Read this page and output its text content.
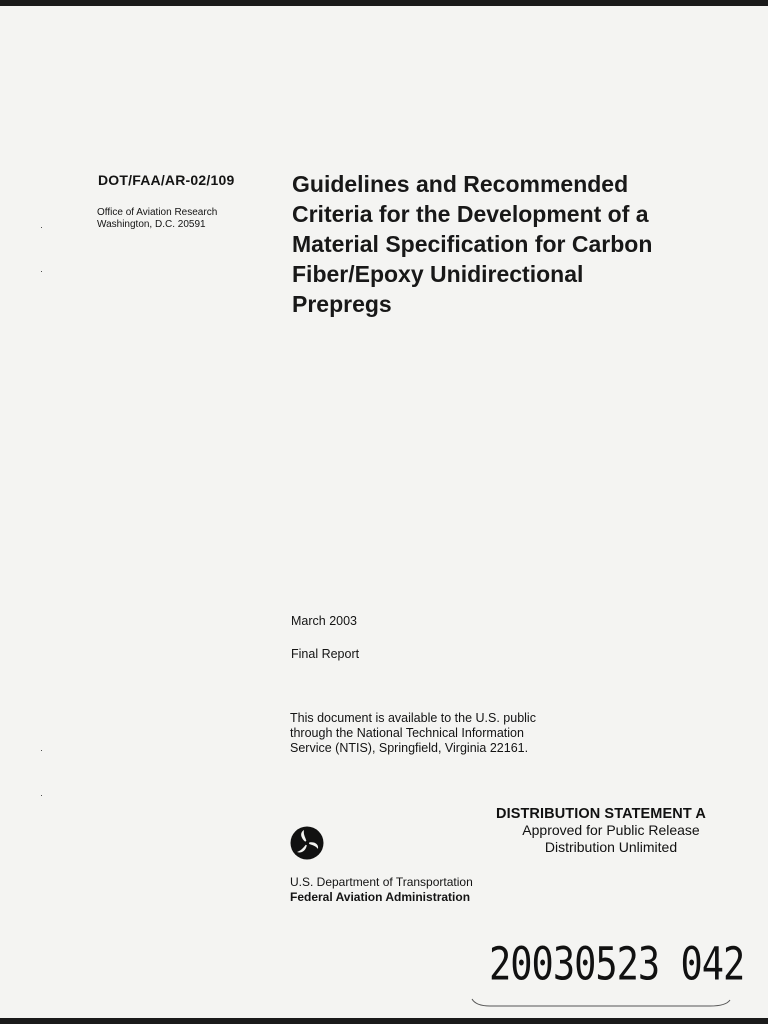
DOT/FAA/AR-02/109
Office of Aviation Research
Washington, D.C. 20591
Guidelines and Recommended
Criteria for the Development of a
Material Specification for Carbon
Fiber/Epoxy Unidirectional
Prepregs
March 2003
Final Report
This document is available to the U.S. public
through the National Technical Information
Service (NTIS), Springfield, Virginia 22161.
U.S. Department of Transportation
Federal Aviation Administration
DISTRIBUTION STATEMENT A
Approved for Public Release
Distribution Unlimited
20030523 042
·
·
·
·
